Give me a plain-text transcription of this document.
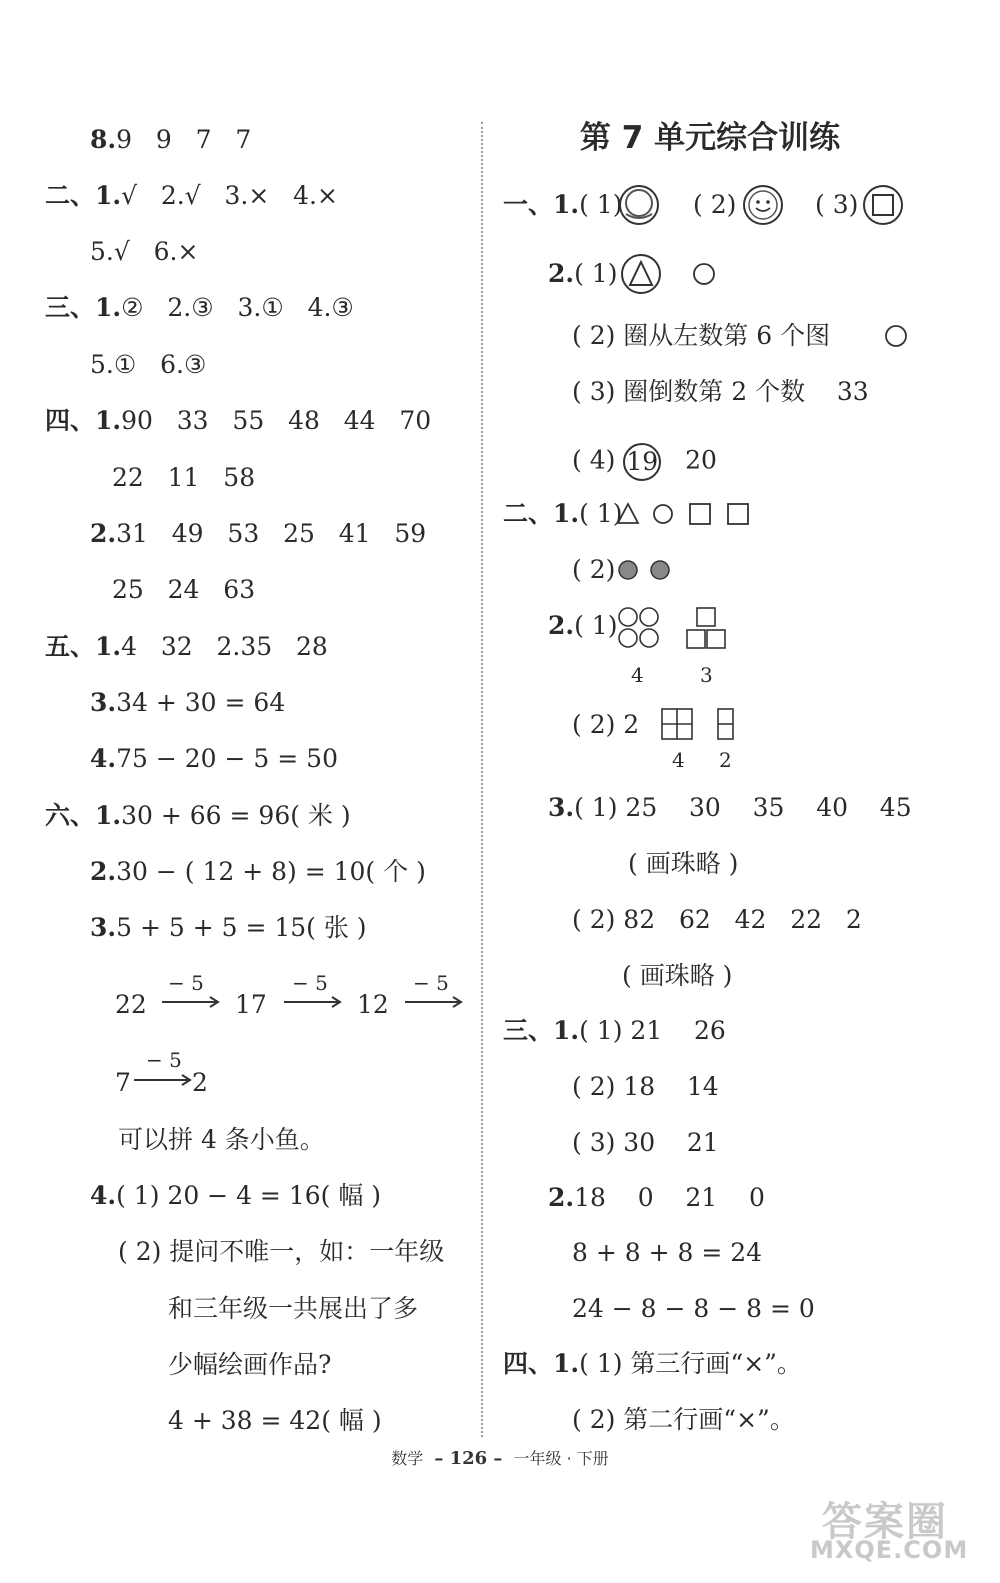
8.9   9   7   7
二、1.√   2.√   3.×   4.×
5.√   6.×
三、1.②   2.③   3.①   4.③
5.①   6.③
四、1.90   33   55   48   44   70
22   11   58
2.31   49   53   25   41   59
25   24   63
五、1.4   32   2.35   28
3.34 + 30 = 64
4.75 − 20 − 5 = 50
六、1.30 + 66 = 96( 米 )
2.30 − ( 12 + 8) = 10( 个 )
3.5 + 5 + 5 = 15( 张 )
22
− 5
17
− 5
12
− 5
7
− 5
2
可以拼 4 条小鱼。
4.( 1) 20 − 4 = 16( 幅 )
( 2) 提问不唯一，如：一年级
和三年级一共展出了多
少幅绘画作品?
4 + 38 = 42( 幅 )
第 7 单元综合训练
一、1.( 1)	( 2)	( 3)
2.( 1)
( 2) 圈从左数第 6 个图
( 3) 圈倒数第 2 个数    33
( 4) 19 20
二、1.( 1)
( 2)
2.( 1)
4	3
( 2) 2
4 2
3.( 1) 25    30    35    40    45
( 画珠略 )
( 2) 82   62   42   22   2
( 画珠略 )
三、1.( 1) 21    26
( 2) 18    14
( 3) 30    21
2.18    0    21    0
8 + 8 + 8 = 24
24 − 8 − 8 − 8 = 0
四、1.( 1) 第三行画“×”。
( 2) 第二行画“×”。
数学 – 126 – 一年级 · 下册
答案圈
MXQE.COM
